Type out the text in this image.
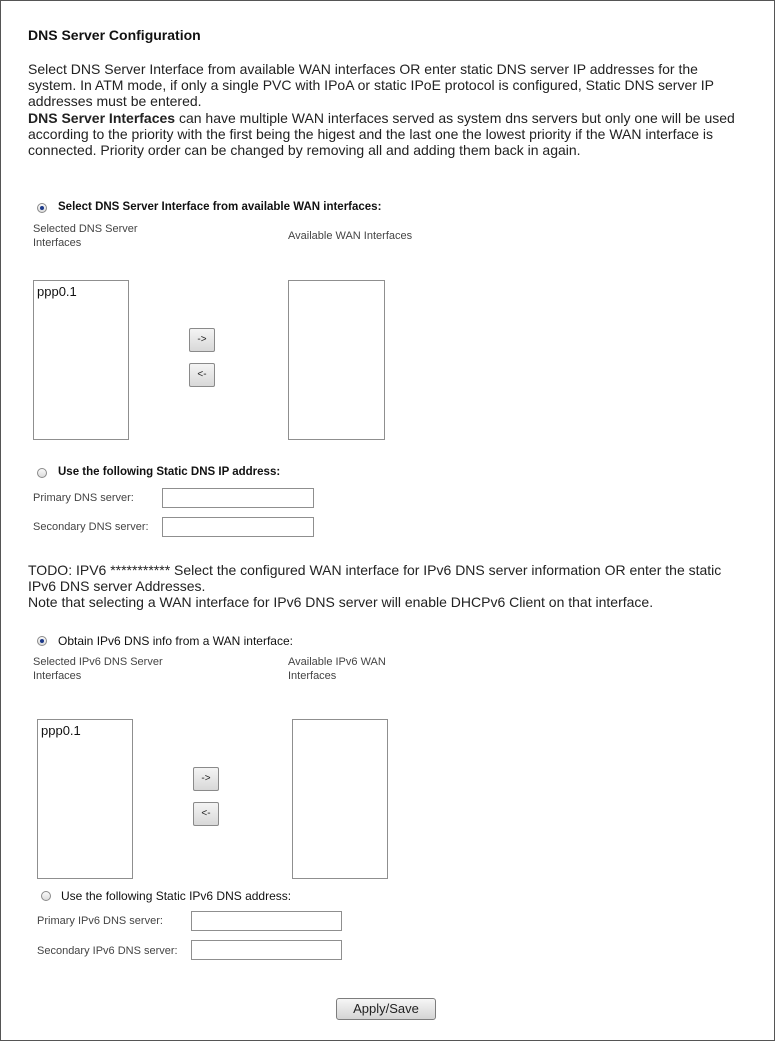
DNS Server Configuration
Select DNS Server Interface from available WAN interfaces OR enter static DNS server IP addresses for the system. In ATM mode, if only a single PVC with IPoA or static IPoE protocol is configured, Static DNS server IP addresses must be entered.
DNS Server Interfaces can have multiple WAN interfaces served as system dns servers but only one will be used according to the priority with the first being the higest and the last one the lowest priority if the WAN interface is connected. Priority order can be changed by removing all and adding them back in again.
Select DNS Server Interface from available WAN interfaces:
Selected DNS Server Interfaces
Available WAN Interfaces
ppp0.1
->
<-
Use the following Static DNS IP address:
Primary DNS server:
Secondary DNS server:
TODO: IPV6 *********** Select the configured WAN interface for IPv6 DNS server information OR enter the static IPv6 DNS server Addresses.
Note that selecting a WAN interface for IPv6 DNS server will enable DHCPv6 Client on that interface.
Obtain IPv6 DNS info from a WAN interface:
Selected IPv6 DNS Server Interfaces
Available IPv6 WAN Interfaces
ppp0.1
->
<-
Use the following Static IPv6 DNS address:
Primary IPv6 DNS server:
Secondary IPv6 DNS server:
Apply/Save
